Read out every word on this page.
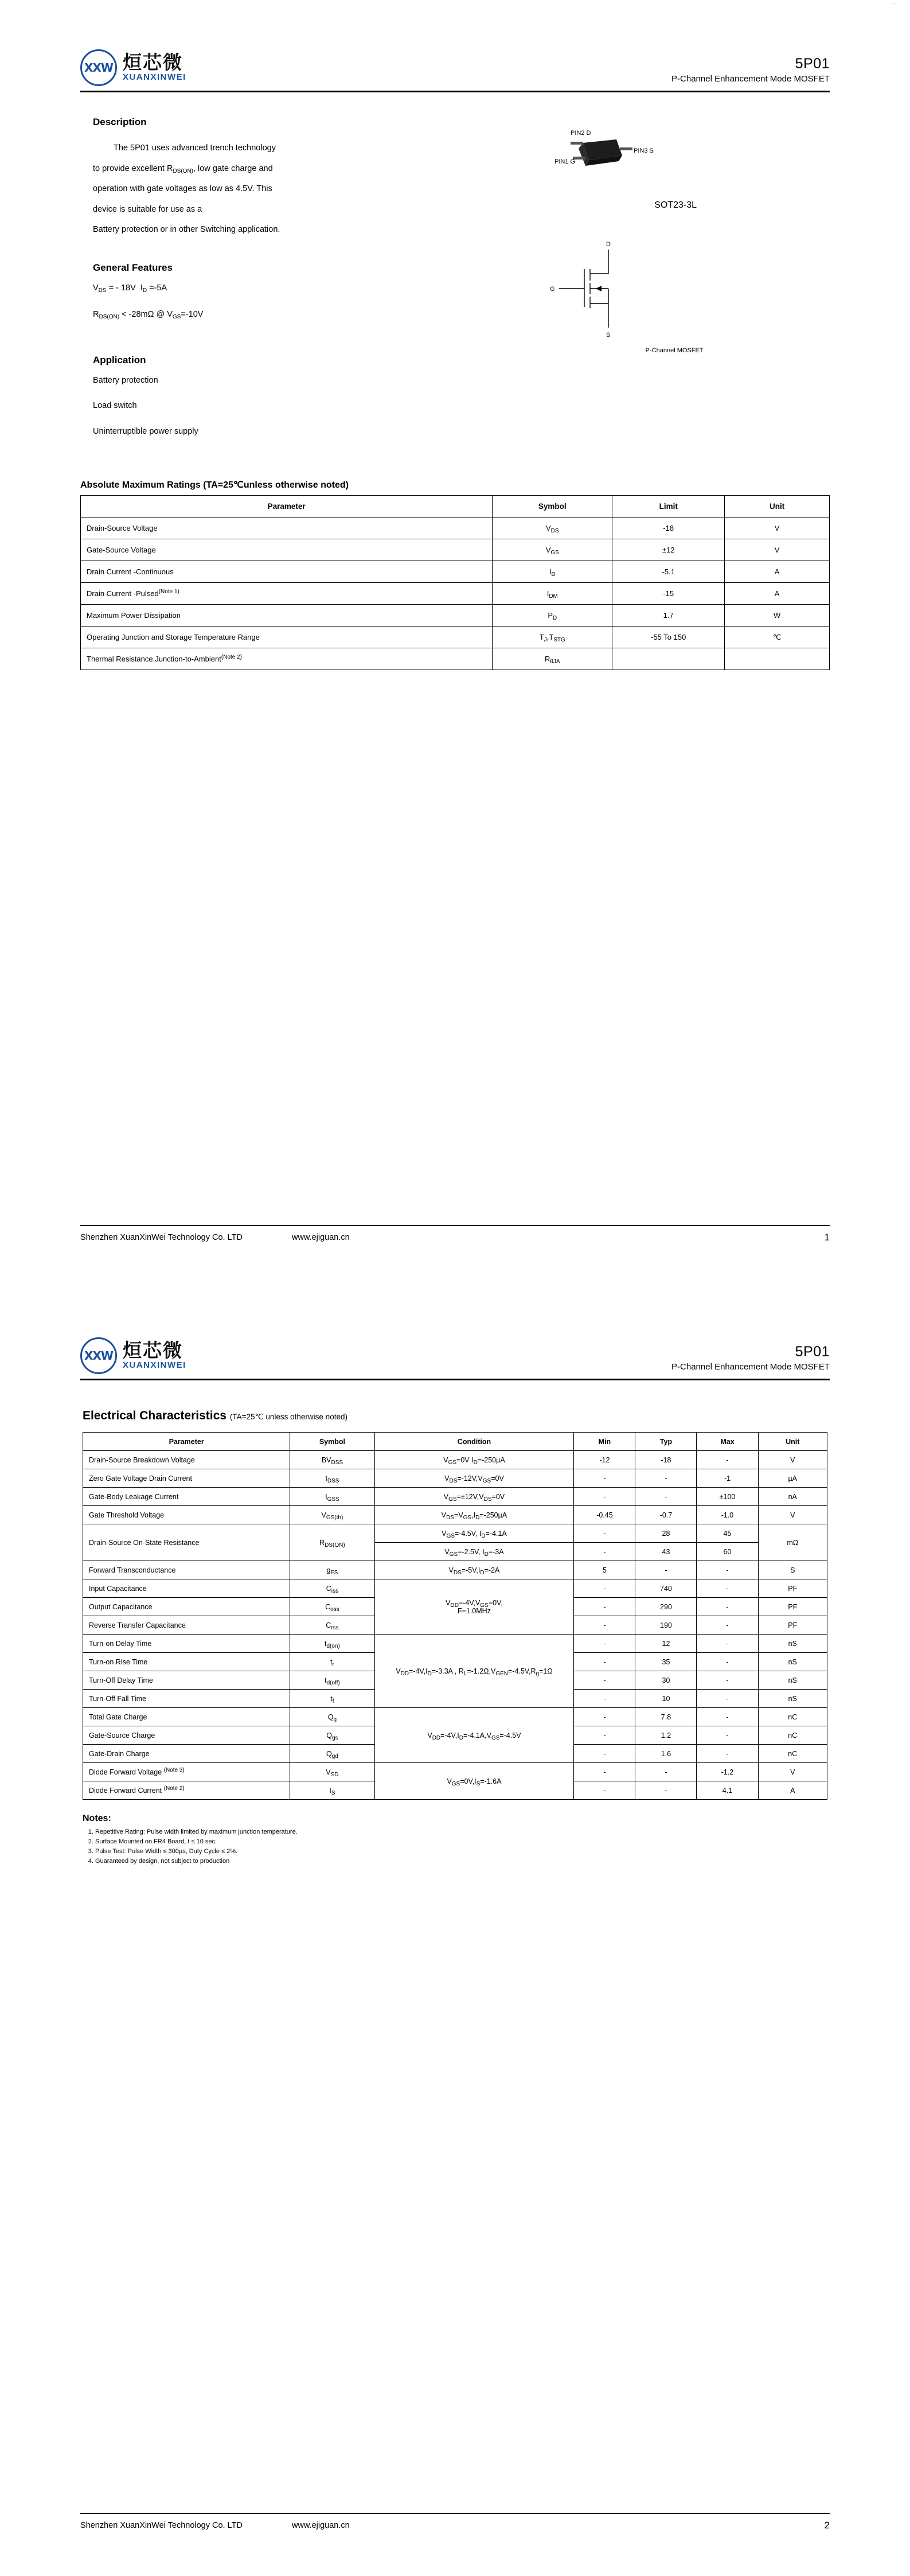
XXW 烜芯微
XUANXINWEI
5P01
P-Channel Enhancement Mode MOSFET
Description

The 5P01 uses advanced trench technology

to provide excellent $R_{DS(ON)}$, low gate charge and

operation with gate voltages as low as 4.5V. This

device is suitable for use as a

Battery protection or in other Switching application.

General Features

$V_{DS}$ = - 18V  $I_D =-5A$

$R_{DS(ON)} < -28m\Omega$ @ $V_{GS}=-10V$

Application

Battery protection

Load switch

Uninterruptible power supply

·
PIN2 D
PIN1 G
PIN3 S
SOT23-3L
D
G
S
P-Channel MOSFET
Absolute Maximum Ratings (TA=25℃unless otherwise noted)
Parameter	Symbol	Limit	Unit
Drain-Source Voltage	$V_{DS}$	-18	V
Gate-Source Voltage	$V_{GS}$	±12	V
Drain Current -Continuous	$I_D$	-5.1	A
Drain Current -Pulsed$^{(Note 1)}$	$I_{DM}$	-15	A
Maximum Power Dissipation	$P_D$	1.7	W
Operating Junction and Storage Temperature Range	$T_J,T_{STG}$	-55 To 150	℃
Thermal Resistance,Junction-to-Ambient$^{(Note 2)}$	$R_{\theta JA}$		
Shenzhen XuanXinWei Technology Co. LTD	www.ejiguan.cn	1
XXW 烜芯微
XUANXINWEI
5P01
P-Channel Enhancement Mode MOSFET
Electrical Characteristics (TA=25℃ unless otherwise noted)
Parameter	Symbol	Condition	Min	Typ	Max	Unit
Drain-Source Breakdown Voltage	$BV_{DSS}$	$V_{GS}=0V$ $I_D=-250\mu A$	-12	-18	-	V
Zero Gate Voltage Drain Current	$I_{DSS}$	$V_{DS}=-12V,V_{GS}=0V$	-	-	-1	µA
Gate-Body Leakage Current	$I_{GSS}$	$V_{GS}=\pm 12V,V_{DS}=0V$	-	-	±100	nA
Gate Threshold Voltage	$V_{GS(th)}$	$V_{DS}=V_{GS},I_D=-250\mu A$	-0.45	-0.7	-1.0	V
Drain-Source On-State Resistance	$R_{DS(ON)}$	$V_{GS}=-4.5V$, $I_D=-4.1A$	-	28	45	mΩ
		$V_{GS}=-2.5V$, $I_D=-3A$	-	43	60	
Forward Transconductance	$g_{FS}$	$V_{DS}=-5V,I_D=-2A$	5	-	-	S
Input Capacitance	$C_{iss}$	$V_{DD}=-4V,V_{GS}=0V$,
F=1.0MHz	-	740	-	PF
Output Capacitance	$C_{oss}$		-	290	-	PF
Reverse Transfer Capacitance	$C_{rss}$		-	190	-	PF
Turn-on Delay Time	$t_{d(on)}$	$V_{DD}=-4V,I_D=-3.3A$ , $R_L=-1.2\Omega,V_{GEN}=-4.5V,R_g=1\Omega$	-	12	-	nS
Turn-on Rise Time	$t_r$		-	35	-	nS
Turn-Off Delay Time	$t_{d(off)}$		-	30	-	nS
Turn-Off Fall Time	$t_f$		-	10	-	nS
Total Gate Charge	$Q_g$	$V_{DD}=-4V,I_D=-4.1A,V_{GS}=-4.5V$	-	7.8	-	nC
Gate-Source Charge	$Q_{gs}$		-	1.2	-	nC
Gate-Drain Charge	$Q_{gd}$		-	1.6	-	nC
Diode Forward Voltage $^{(Note 3)}$	$V_{SD}$	$V_{GS}=0V,I_S=-1.6A$	-	-	-1.2	V
Diode Forward Current $^{(Note 2)}$	$I_S$		-	-	4.1	A
Notes:
1. Repetitive Rating: Pulse width limited by maximum junction temperature.
2. Surface Mounted on FR4 Board, t ≤ 10 sec.
3. Pulse Test: Pulse Width ≤ 300µs, Duty Cycle ≤ 2%.
4. Guaranteed by design, not subject to production
Shenzhen XuanXinWei Technology Co. LTD	www.ejiguan.cn	2
